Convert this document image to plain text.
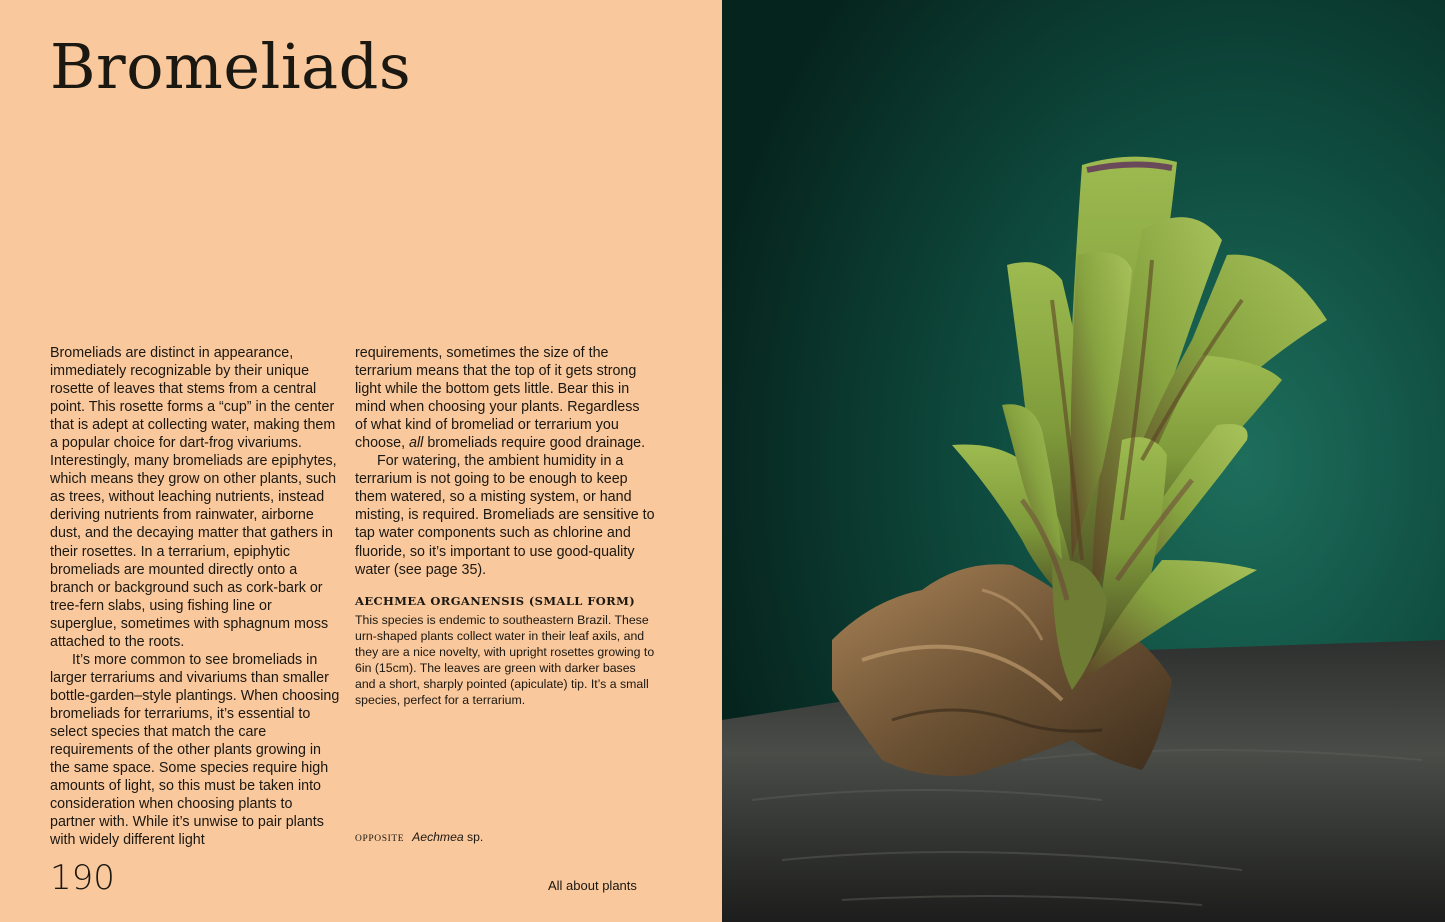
Bromeliads

Bromeliads are distinct in appearance, immediately recognizable by their unique rosette of leaves that stems from a central point. This rosette forms a “cup” in the center that is adept at collecting water, making them a popular choice for dart-frog vivariums. Interestingly, many bromeliads are epiphytes, which means they grow on other plants, such as trees, without leaching nutrients, instead deriving nutrients from rainwater, airborne dust, and the decaying matter that gathers in their rosettes. In a terrarium, epiphytic bromeliads are mounted directly onto a branch or background such as cork-bark or tree-fern slabs, using fishing line or superglue, sometimes with sphagnum moss attached to the roots.

It’s more common to see bromeliads in larger terrariums and vivariums than smaller bottle-garden–style plantings. When choosing bromeliads for terrariums, it’s essential to select species that match the care requirements of the other plants growing in the same space. Some species require high amounts of light, so this must be taken into consideration when choosing plants to partner with. While it’s unwise to pair plants with widely different light

requirements, sometimes the size of the terrarium means that the top of it gets strong light while the bottom gets little. Bear this in mind when choosing your plants. Regardless of what kind of bromeliad or terrarium you choose, all bromeliads require good drainage.

For watering, the ambient humidity in a terrarium is not going to be enough to keep them watered, so a misting system, or hand misting, is required. Bromeliads are sensitive to tap water components such as chlorine and fluoride, so it’s important to use good-quality water (see page 35).

AECHMEA ORGANENSIS (SMALL FORM)

This species is endemic to southeastern Brazil. These urn-shaped plants collect water in their leaf axils, and they are a nice novelty, with upright rosettes growing to 6in (15cm). The leaves are green with darker bases and a short, sharply pointed (apiculate) tip. It’s a small species, perfect for a terrarium.

OPPOSITE Aechmea sp.
190	All about plants
